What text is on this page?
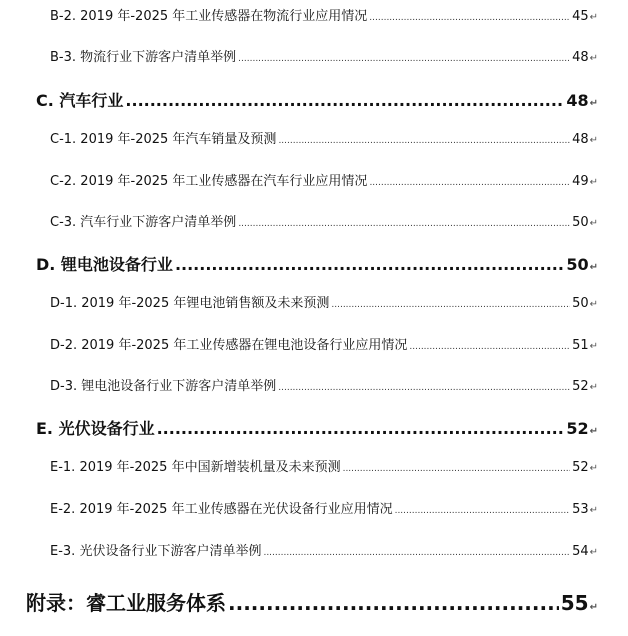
B-2. 2019 年-2025 年工业传感器在物流行业应用情况 .....	45 ↵
B-3. 物流行业下游客户清单举例 .....	48 ↵
C. 汽车行业 .....	48 ↵
C-1. 2019 年-2025 年汽车销量及预测 .....	48 ↵
C-2. 2019 年-2025 年工业传感器在汽车行业应用情况 .....	49 ↵
C-3. 汽车行业下游客户清单举例 .....	50 ↵
D. 锂电池设备行业 .....	50 ↵
D-1. 2019 年-2025 年锂电池销售额及未来预测 .....	50 ↵
D-2. 2019 年-2025 年工业传感器在锂电池设备行业应用情况 .....	51 ↵
D-3. 锂电池设备行业下游客户清单举例 .....	52 ↵
E. 光伏设备行业 .....	52 ↵
E-1. 2019 年-2025 年中国新增装机量及未来预测 .....	52 ↵
E-2. 2019 年-2025 年工业传感器在光伏设备行业应用情况 .....	53 ↵
E-3. 光伏设备行业下游客户清单举例 .....	54 ↵
附录：睿工业服务体系 .....	55 ↵
